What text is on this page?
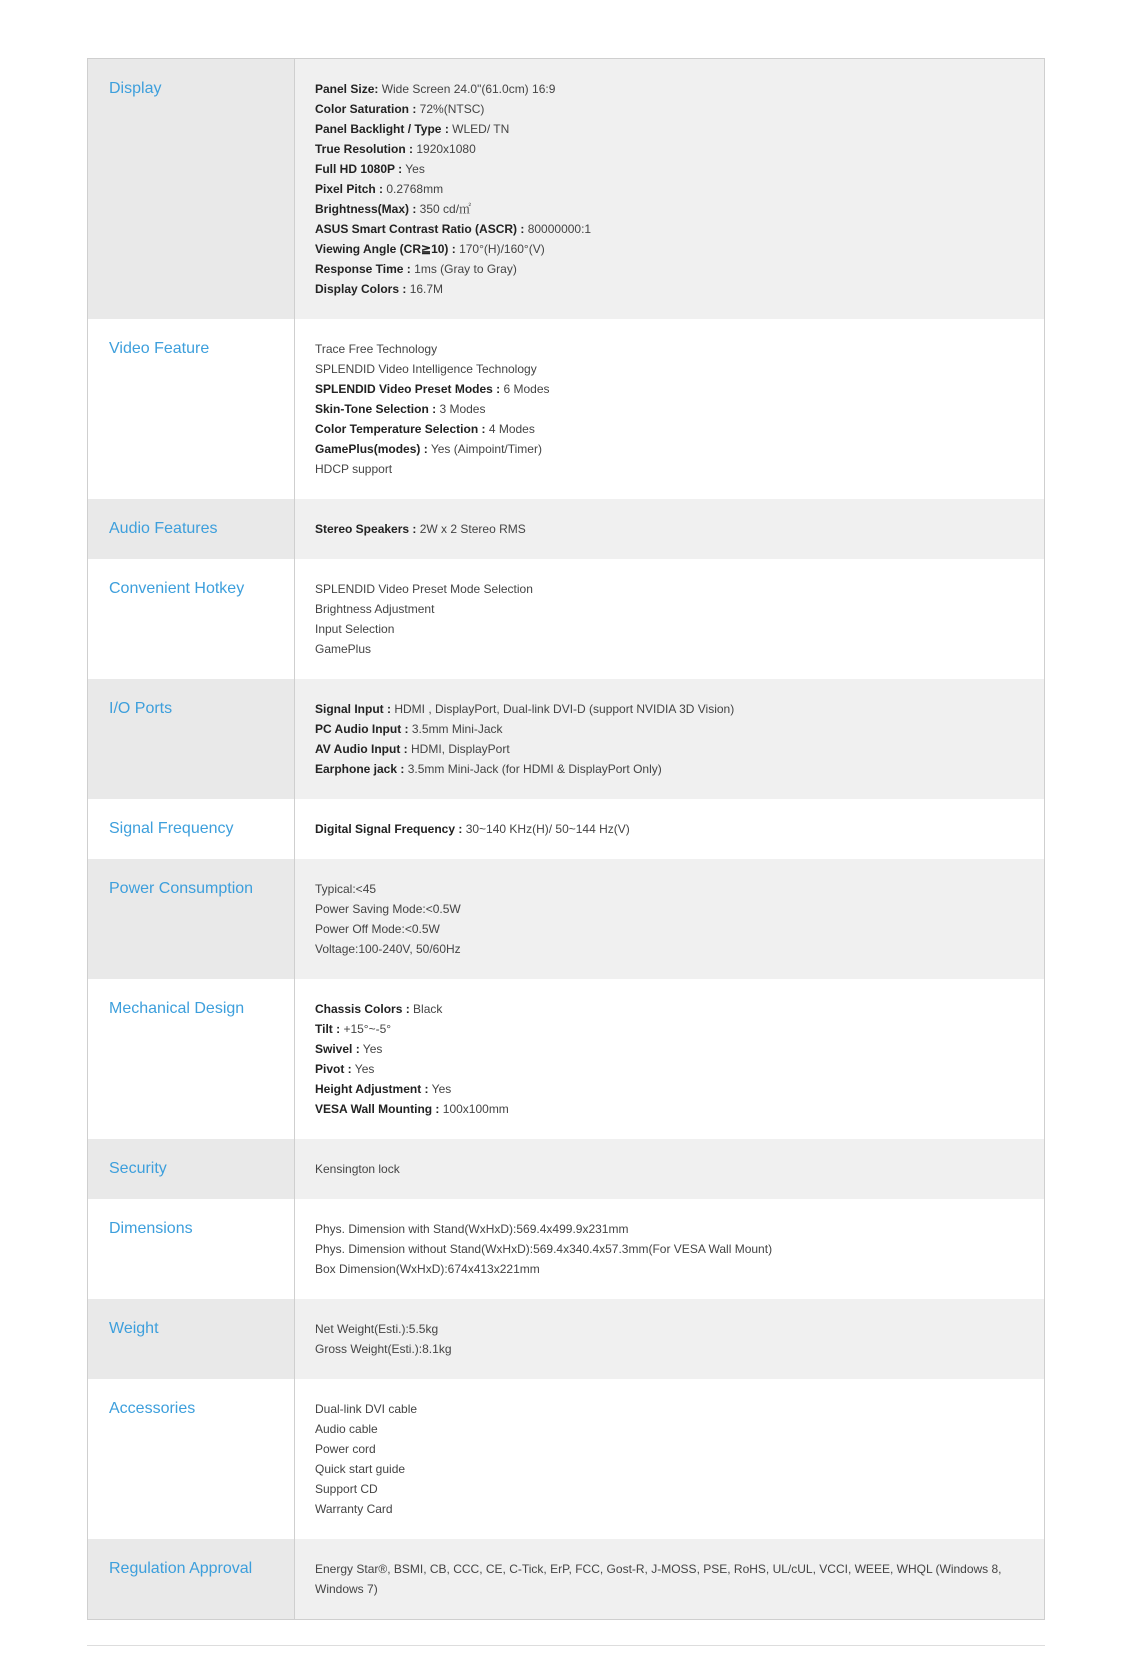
Display	Panel Size: Wide Screen 24.0"(61.0cm) 16:9
Color Saturation : 72%(NTSC)
Panel Backlight / Type : WLED/ TN
True Resolution : 1920x1080
Full HD 1080P : Yes
Pixel Pitch : 0.2768mm
Brightness(Max) : 350 cd/㎡
ASUS Smart Contrast Ratio (ASCR) : 80000000:1
Viewing Angle (CR≧10) : 170°(H)/160°(V)
Response Time : 1ms (Gray to Gray)
Display Colors : 16.7M
Video Feature	Trace Free Technology
SPLENDID Video Intelligence Technology
SPLENDID Video Preset Modes : 6 Modes
Skin-Tone Selection : 3 Modes
Color Temperature Selection : 4 Modes
GamePlus(modes) : Yes (Aimpoint/Timer)
HDCP support
Audio Features	Stereo Speakers : 2W x 2 Stereo RMS
Convenient Hotkey	SPLENDID Video Preset Mode Selection
Brightness Adjustment
Input Selection
GamePlus
I/O Ports	Signal Input : HDMI , DisplayPort, Dual-link DVI-D (support NVIDIA 3D Vision)
PC Audio Input : 3.5mm Mini-Jack
AV Audio Input : HDMI, DisplayPort
Earphone jack : 3.5mm Mini-Jack (for HDMI & DisplayPort Only)
Signal Frequency	Digital Signal Frequency : 30~140 KHz(H)/ 50~144 Hz(V)
Power Consumption	Typical:<45
Power Saving Mode:<0.5W
Power Off Mode:<0.5W
Voltage:100-240V, 50/60Hz
Mechanical Design	Chassis Colors : Black
Tilt : +15°~-5°
Swivel : Yes
Pivot : Yes
Height Adjustment : Yes
VESA Wall Mounting : 100x100mm
Security	Kensington lock
Dimensions	Phys. Dimension with Stand(WxHxD):569.4x499.9x231mm
Phys. Dimension without Stand(WxHxD):569.4x340.4x57.3mm(For VESA Wall Mount)
Box Dimension(WxHxD):674x413x221mm
Weight	Net Weight(Esti.):5.5kg
Gross Weight(Esti.):8.1kg
Accessories	Dual-link DVI cable
Audio cable
Power cord
Quick start guide
Support CD
Warranty Card
Regulation Approval	Energy Star®, BSMI, CB, CCC, CE, C-Tick, ErP, FCC, Gost-R, J-MOSS, PSE, RoHS, UL/cUL, VCCI, WEEE, WHQL (Windows 8, Windows 7)
